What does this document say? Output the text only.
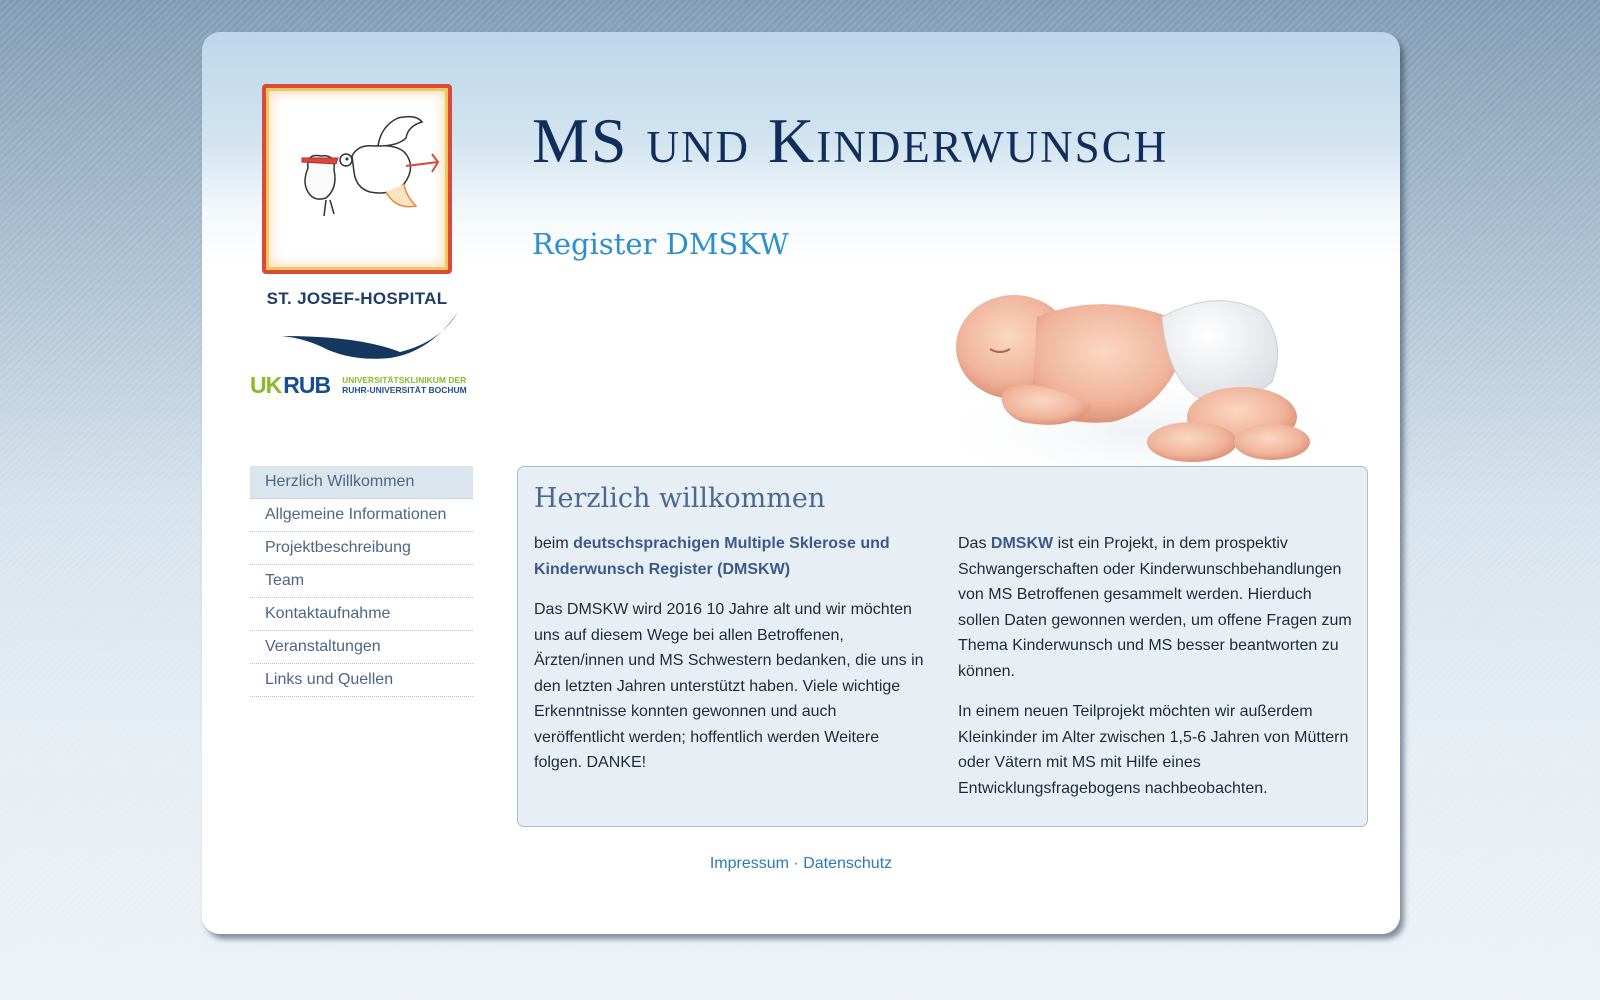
ST. JOSEF-HOSPITAL
UK RUB UNIVERSITÄTSKLINIKUM DER
RUHR-UNIVERSITÄT BOCHUM
MS und Kinderwunsch
Register DMSKW
Herzlich Willkommen
Allgemeine Informationen
Projektbeschreibung
Team
Kontaktaufnahme
Veranstaltungen
Links und Quellen
Herzlich willkommen

beim deutschsprachigen Multiple Sklerose und Kinderwunsch Register (DMSKW)

Das DMSKW wird 2016 10 Jahre alt und wir möchten uns auf diesem Wege bei allen Betroffenen, Ärzten/innen und MS Schwestern bedanken, die uns in den letzten Jahren unterstützt haben. Viele wichtige Erkenntnisse konnten gewonnen und auch veröffentlicht werden; hoffentlich werden Weitere folgen. DANKE!

Das DMSKW ist ein Projekt, in dem prospektiv Schwangerschaften oder Kinderwunschbehandlungen von MS Betroffenen gesammelt werden. Hierduch sollen Daten gewonnen werden, um offene Fragen zum Thema Kinderwunsch und MS besser beantworten zu können.

In einem neuen Teilprojekt möchten wir außerdem Kleinkinder im Alter zwischen 1,5-6 Jahren von Müttern oder Vätern mit MS mit Hilfe eines Entwicklungsfragebogens nachbeobachten.

Impressum · Datenschutz
